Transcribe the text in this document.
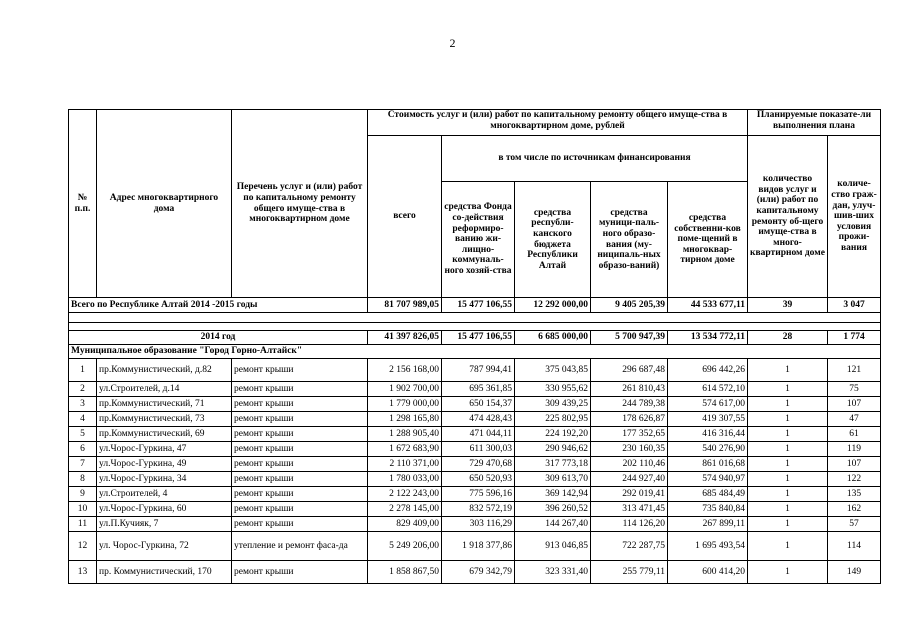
2
№ п.п.	Адрес многоквартирного дома	Перечень услуг и (или) работ по капитальному ремонту общего имуще-ства в многоквартирном доме	Стоимость услуг и (или) работ по капитальному ремонту общего имуще-ства в многоквартирном доме, рублей					Планируемые показате-ли выполнения плана	
			всего	в том числе по источникам финансирования				количество видов услуг и (или) работ по капитальному ремонту об-щего имуще-ства в много-квартирном доме	количе-ство граж-дан, улуч-шив-ших условия прожи-вания
				средства Фонда со-действия реформиро-ванию жи-лищно-коммуналь-ного хозяй-ства	средства республи-канского бюджета Республики Алтай	средства муници-паль-ного образо-вания (му-ниципаль-ных образо-ваний)	средства собственни-ков поме-щений в многоквар-тирном доме		
Всего по Республике Алтай 2014 -2015 годы			81 707 989,05	15 477 106,55	12 292 000,00	9 405 205,39	44 533 677,11	39	3 047

2014 год			41 397 826,05	15 477 106,55	6 685 000,00	5 700 947,39	13 534 772,11	28	1 774
Муниципальное образование "Город Горно-Алтайск"									
1	пр.Коммунистический, д.82	ремонт крыши	2 156 168,00	787 994,41	375 043,85	296 687,48	696 442,26	1	121
2	ул.Строителей, д.14	ремонт крыши	1 902 700,00	695 361,85	330 955,62	261 810,43	614 572,10	1	75
3	пр.Коммунистический, 71	ремонт крыши	1 779 000,00	650 154,37	309 439,25	244 789,38	574 617,00	1	107
4	пр.Коммунистический, 73	ремонт крыши	1 298 165,80	474 428,43	225 802,95	178 626,87	419 307,55	1	47
5	пр.Коммунистический, 69	ремонт крыши	1 288 905,40	471 044,11	224 192,20	177 352,65	416 316,44	1	61
6	ул.Чорос-Гуркина, 47	ремонт крыши	1 672 683,90	611 300,03	290 946,62	230 160,35	540 276,90	1	119
7	ул.Чорос-Гуркина, 49	ремонт крыши	2 110 371,00	729 470,68	317 773,18	202 110,46	861 016,68	1	107
8	ул.Чорос-Гуркина, 34	ремонт крыши	1 780 033,00	650 520,93	309 613,70	244 927,40	574 940,97	1	122
9	ул.Строителей, 4	ремонт крыши	2 122 243,00	775 596,16	369 142,94	292 019,41	685 484,49	1	135
10	ул.Чорос-Гуркина, 60	ремонт крыши	2 278 145,00	832 572,19	396 260,52	313 471,45	735 840,84	1	162
11	ул.П.Кучияк, 7	ремонт крыши	829 409,00	303 116,29	144 267,40	114 126,20	267 899,11	1	57
12	ул. Чорос-Гуркина, 72	утепление и ремонт фаса-да	5 249 206,00	1 918 377,86	913 046,85	722 287,75	1 695 493,54	1	114
13	пр. Коммунистический, 170	ремонт крыши	1 858 867,50	679 342,79	323 331,40	255 779,11	600 414,20	1	149
